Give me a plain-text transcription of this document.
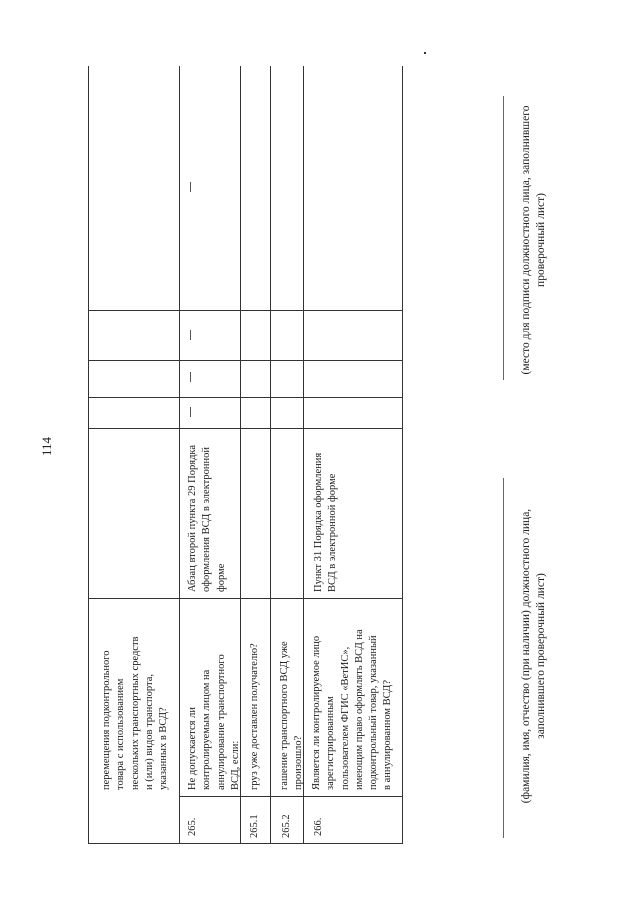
114
перемещения подконтрольного товара с использованием нескольких транспортных средств и (или) видов транспорта, указанных в ВСД?
265.
Не допускается ли контролируемым лицом на аннулирование транспортного ВСД, если:
Абзац второй пункта 29 Порядка оформления ВСД в электронной форме
265.1
груз уже доставлен получателю?
265.2
гашение транспортного ВСД уже произошло?
266.
Является ли контролируемое лицо зарегистрированным пользователем ФГИС «ВетИС», имеющим право оформлять ВСД на подконтрольный товар, указанный в аннулированном ВСД?
Пункт 31 Порядка оформления ВСД в электронной форме	(фамилия, имя, отчество (при наличии) должностного лица, заполнившего проверочный лист)
(место для подписи должностного лица, заполнившего проверочный лист)
